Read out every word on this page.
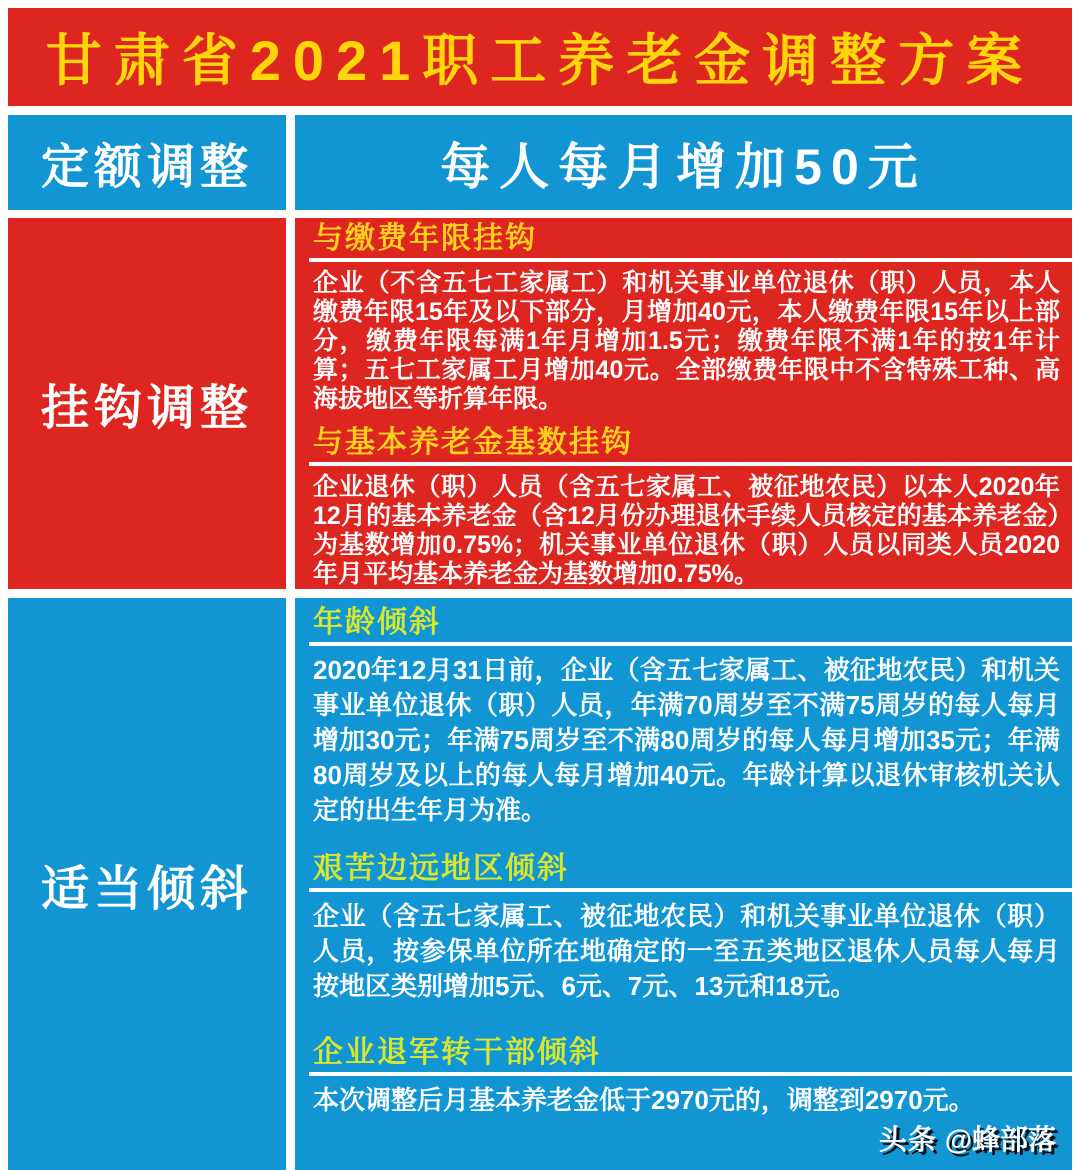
甘肃省2021职工养老金调整方案
定额调整	每人每月增加50元
挂钩调整
与缴费年限挂钩
企业（不含五七工家属工）和机关事业单位退休（职）人员，本人缴费年限15年及以下部分，月增加40元，本人缴费年限15年以上部分，缴费年限每满1年月增加1.5元；缴费年限不满1年的按1年计算；五七工家属工月增加40元。全部缴费年限中不含特殊工种、高海拔地区等折算年限。
与基本养老金基数挂钩
企业退休（职）人员（含五七家属工、被征地农民）以本人2020年12月的基本养老金（含12月份办理退休手续人员核定的基本养老金）为基数增加0.75%；机关事业单位退休（职）人员以同类人员2020年月平均基本养老金为基数增加0.75%。
适当倾斜
年龄倾斜
2020年12月31日前，企业（含五七家属工、被征地农民）和机关事业单位退休（职）人员，年满70周岁至不满75周岁的每人每月增加30元；年满75周岁至不满80周岁的每人每月增加35元；年满80周岁及以上的每人每月增加40元。年龄计算以退休审核机关认定的出生年月为准。
艰苦边远地区倾斜
企业（含五七家属工、被征地农民）和机关事业单位退休（职）人员，按参保单位所在地确定的一至五类地区退休人员每人每月按地区类别增加5元、6元、7元、13元和18元。
企业退军转干部倾斜
本次调整后月基本养老金低于2970元的，调整到2970元。
头条 @蜂部落
